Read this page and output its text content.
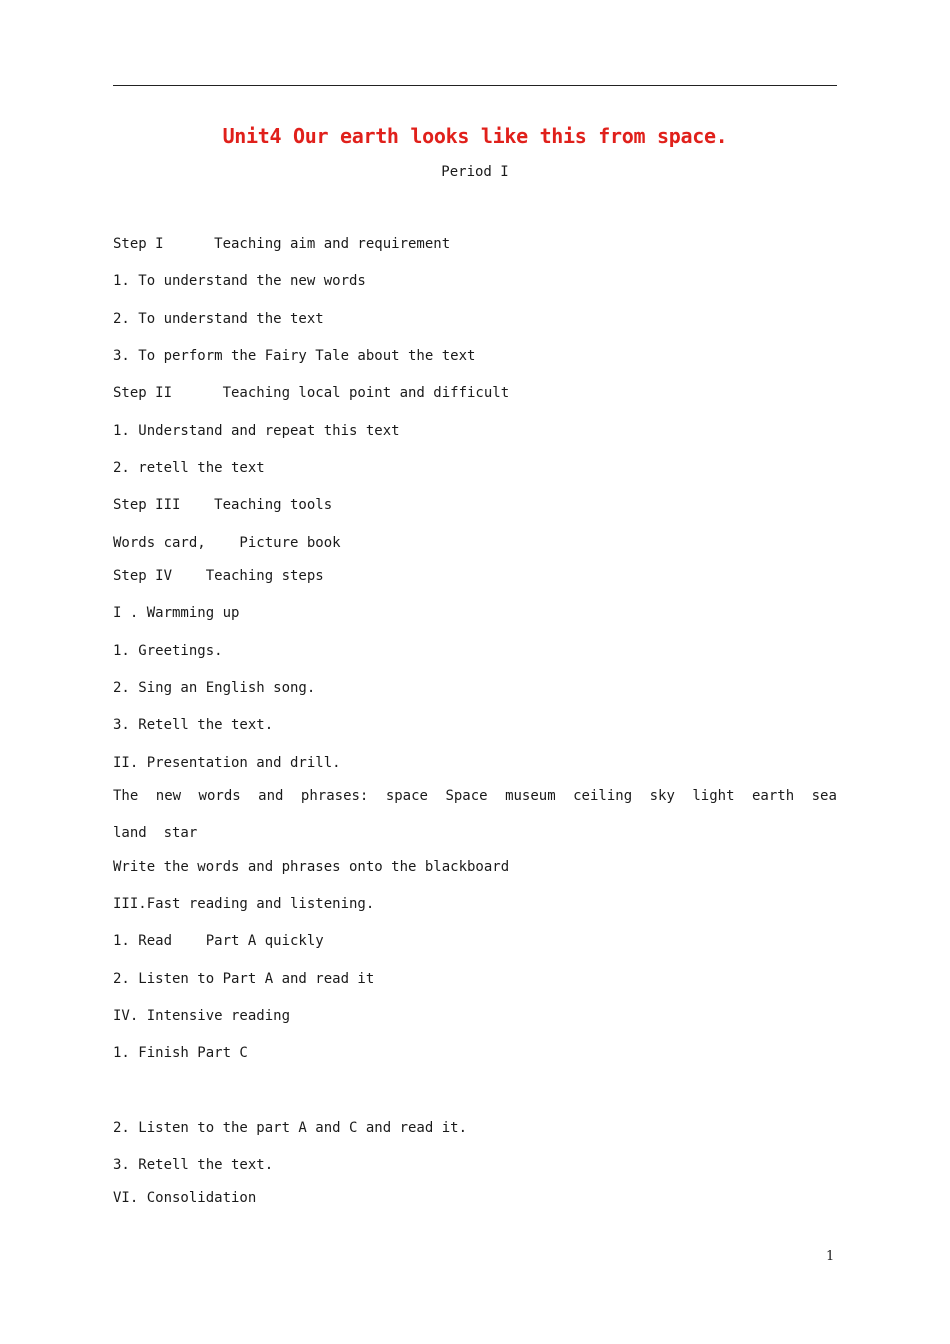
Unit4 Our earth looks like this from space.
Period I
Step I      Teaching aim and requirement
1. To understand the new words
2. To understand the text
3. To perform the Fairy Tale about the text
Step II      Teaching local point and difficult
1. Understand and repeat this text
2. retell the text
Step III    Teaching tools
Words card,    Picture book
Step IV    Teaching steps
I . Warmming up
1. Greetings.
2. Sing an English song.
3. Retell the text.
II. Presentation and drill.
The new words and phrases: space Space museum ceiling sky light earth sea
land  star
Write the words and phrases onto the blackboard
III.Fast reading and listening.
1. Read    Part A quickly
2. Listen to Part A and read it
IV. Intensive reading
1. Finish Part C
2. Listen to the part A and C and read it.
3. Retell the text.
VI. Consolidation
1
